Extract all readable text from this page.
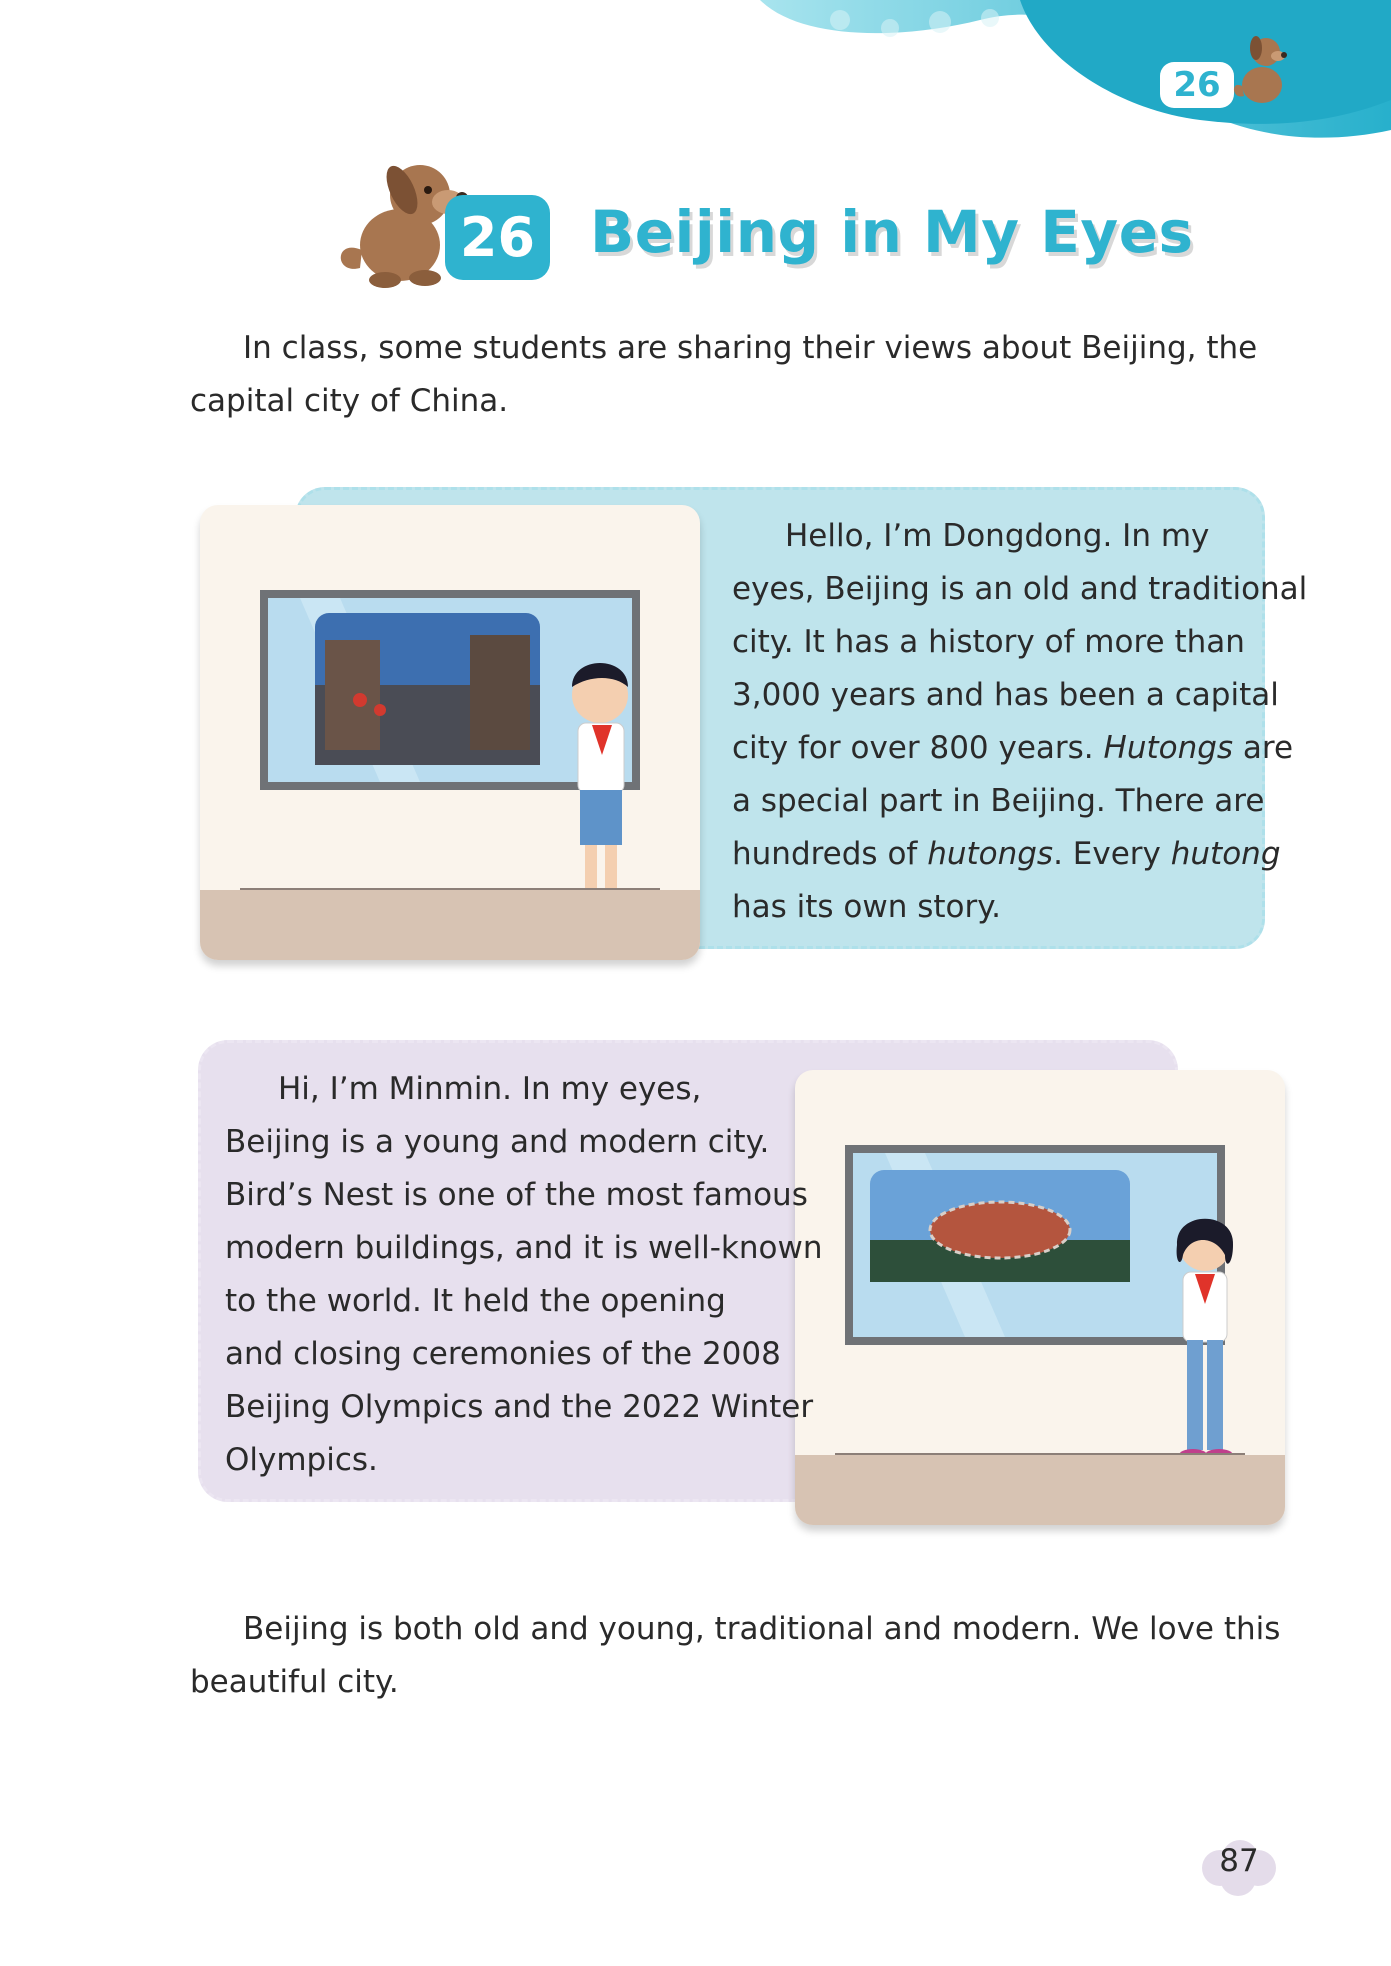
26
26 Beijing in My Eyes
In class, some students are sharing their views about Beijing, the
capital city of China.
Hello, I’m Dongdong. In my
eyes, Beijing is an old and traditional
city. It has a history of more than
3,000 years and has been a capital
city for over 800 years. Hutongs are
a special part in Beijing. There are
hundreds of hutongs. Every hutong
has its own story.
Hi, I’m Minmin. In my eyes,
Beijing is a young and modern city.
Bird’s Nest is one of the most famous
modern buildings, and it is well-known
to the world. It held the opening
and closing ceremonies of the 2008
Beijing Olympics and the 2022 Winter
Olympics.
Beijing is both old and young, traditional and modern. We love this
beautiful city.
87
